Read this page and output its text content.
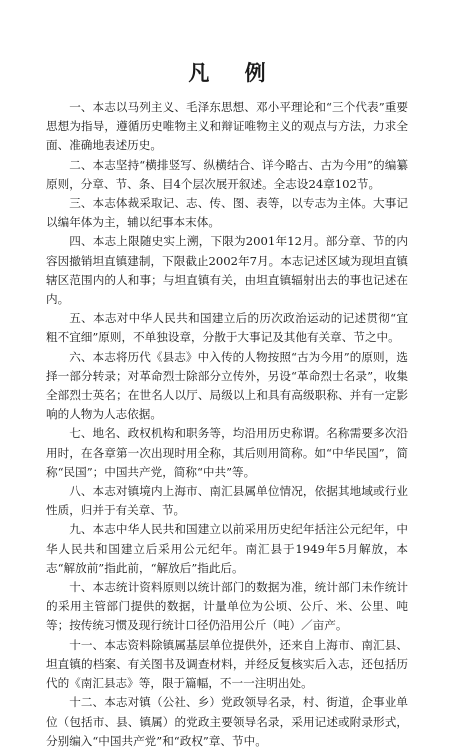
凡 例

一、本志以马列主义、毛泽东思想、邓小平理论和“三个代表”重要思想为指导，遵循历史唯物主义和辩证唯物主义的观点与方法，力求全面、准确地表述历史。

二、本志坚持“横排竖写、纵横结合、详今略古、古为今用”的编纂原则，分章、节、条、目4个层次展开叙述。全志设24章102节。

三、本志体裁采取记、志、传、图、表等，以专志为主体。大事记以编年体为主，辅以纪事本末体。

四、本志上限随史实上溯，下限为2001年12月。部分章、节的内容因撤销坦直镇建制，下限截止2002年7月。本志记述区域为现坦直镇辖区范围内的人和事；与坦直镇有关，由坦直镇辐射出去的事也记述在内。

五、本志对中华人民共和国建立后的历次政治运动的记述贯彻“宜粗不宜细”原则，不单独设章，分散于大事记及其他有关章、节之中。

六、本志将历代《县志》中入传的人物按照“古为今用”的原则，选择一部分转录；对革命烈士除部分立传外，另设“革命烈士名录”，收集全部烈士英名；在世名人以厅、局级以上和具有高级职称、并有一定影响的人物为人志依据。

七、地名、政权机构和职务等，均沿用历史称谓。名称需要多次沿用时，在各章第一次出现时用全称，其后则用简称。如“中华民国”，简称“民国”；中国共产党，简称“中共”等。

八、本志对镇境内上海市、南汇县属单位情况，依据其地域或行业性质，归并于有关章、节。

九、本志中华人民共和国建立以前采用历史纪年括注公元纪年，中华人民共和国建立后采用公元纪年。南汇县于1949年5月解放，本志“解放前”指此前，“解放后”指此后。

十、本志统计资料原则以统计部门的数据为准，统计部门未作统计的采用主管部门提供的数据，计量单位为公顷、公斤、米、公里、吨等；按传统习惯及现行统计口径仍沿用公斤（吨）／亩产。

十一、本志资料除镇属基层单位提供外，还来自上海市、南汇县、坦直镇的档案、有关图书及调查材料，并经反复核实后入志，还包括历代的《南汇县志》等，限于篇幅，不一一注明出处。

十二、本志对镇（公社、乡）党政领导名录，村、街道，企事业单位（包括市、县、镇属）的党政主要领导名录，采用记述或附录形式，分别编入“中国共产党”和“政权”章、节中。
